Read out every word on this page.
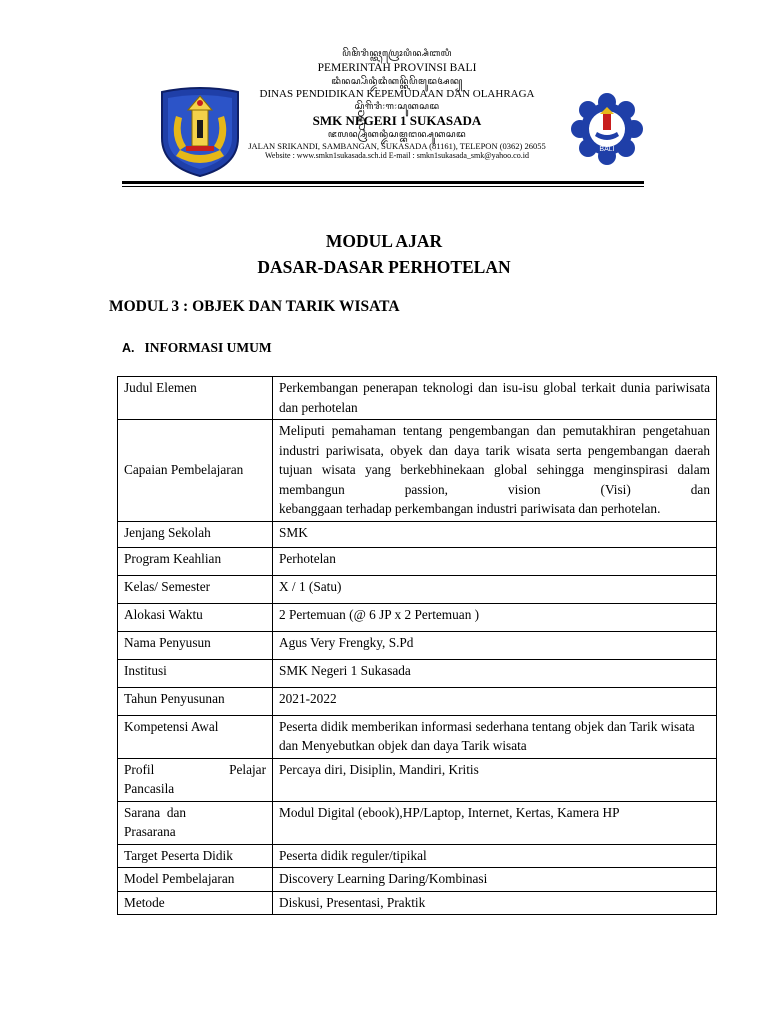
ꦥꦼꦩꦼꦫꦶꦤ꧀ꦠꦃꦥꦿꦺꦴꦥꦶꦤ꧀ꦱꦶꦧꦭꦶ
PEMERINTAH PROVINSI BALI
ꦢꦶꦤꦱ꧀ꦥꦼꦤ꧀ꦢꦶꦢꦶꦏꦤ꧀ꦏꦼꦥꦼꦩꦸꦢꦄꦤ꧀
DINAS PENDIDIKAN KEPEMUDAAN DAN OLAHRAGA
ꦱ꧀ꦩ꧀ꦏ꧀ꦤꦼꦒꦼꦫꦶ꧇꧑꧇ꦱꦸꦏꦱꦢ
SMK NEGERI 1 SUKASADA
ꦗꦭꦤ꧀ꦱꦿꦶꦏꦤ꧀ꦢꦶꦱꦩ꧀ꦧꦔꦤ꧀ꦱꦸꦏꦱꦢ
JALAN SRIKANDI, SAMBANGAN, SUKASADA (81161), TELEPON (0362) 26055
Website : www.smkn1sukasada.sch.id E-mail : smkn1sukasada_smk@yahoo.co.id
BALI
MODUL AJAR
DASAR-DASAR PERHOTELAN
MODUL 3 : OBJEK DAN TARIK WISATA
A. INFORMASI UMUM
Judul Elemen	Perkembangan penerapan teknologi dan isu-isu global terkait dunia pariwisata dan perhotelan
Capaian Pembelajaran	Meliputi pemahaman tentang pengembangan dan pemutakhiran pengetahuan industri pariwisata, obyek dan daya tarik wisata serta pengembangan daerah tujuan wisata yang berkebhinekaan global sehingga menginspirasi dalam membangun passion, vision (Visi) dan
kebanggaan terhadap perkembangan industri pariwisata dan perhotelan.

Jenjang Sekolah	SMK
Program Keahlian	Perhotelan
Kelas/ Semester	X / 1 (Satu)
Alokasi Waktu	2 Pertemuan (@ 6 JP x 2 Pertemuan )
Nama Penyusun	Agus Very Frengky, S.Pd
Institusi	SMK Negeri 1 Sukasada
Tahun Penyusunan	2021-2022
Kompetensi Awal	Peserta didik memberikan informasi sederhana tentang objek dan Tarik wisata dan Menyebutkan objek dan daya Tarik wisata

Profil Pelajar
Pancasila	Percaya diri, Disiplin, Mandiri, Kritis

Sarana dan
Prasarana	Modul Digital (ebook),HP/Laptop, Internet, Kertas, Kamera HP
Target Peserta Didik	Peserta didik reguler/tipikal
Model Pembelajaran	Discovery Learning Daring/Kombinasi
Metode	Diskusi, Presentasi, Praktik
